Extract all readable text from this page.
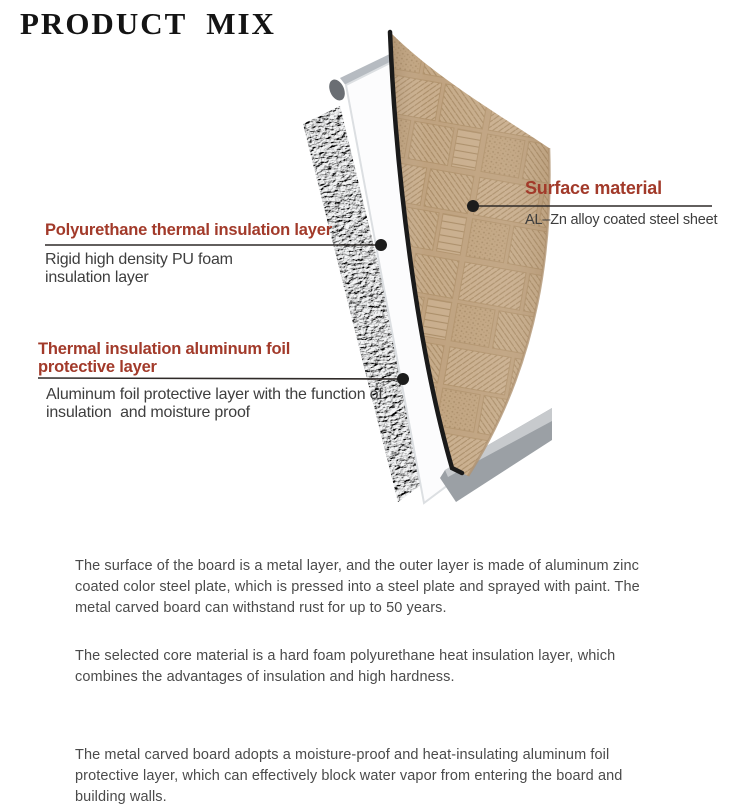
PRODUCT  MIX
Polyurethane thermal insulation layer
Rigid high density PU foam insulation layer
Thermal insulation aluminum foil protective layer
Aluminum foil protective layer with the function of insulation  and moisture proof
Surface material
AL–Zn alloy coated steel sheet

The surface of the board is a metal layer, and the outer layer is made of aluminum zinc coated color steel plate, which is pressed into a steel plate and sprayed with paint. The metal carved board can withstand rust for up to 50 years.

The selected core material is a hard foam polyurethane heat insulation layer, which combines the advantages of insulation and high hardness.

The metal carved board adopts a moisture-proof and heat-insulating aluminum foil protective layer, which can effectively block water vapor from entering the board and building walls.
